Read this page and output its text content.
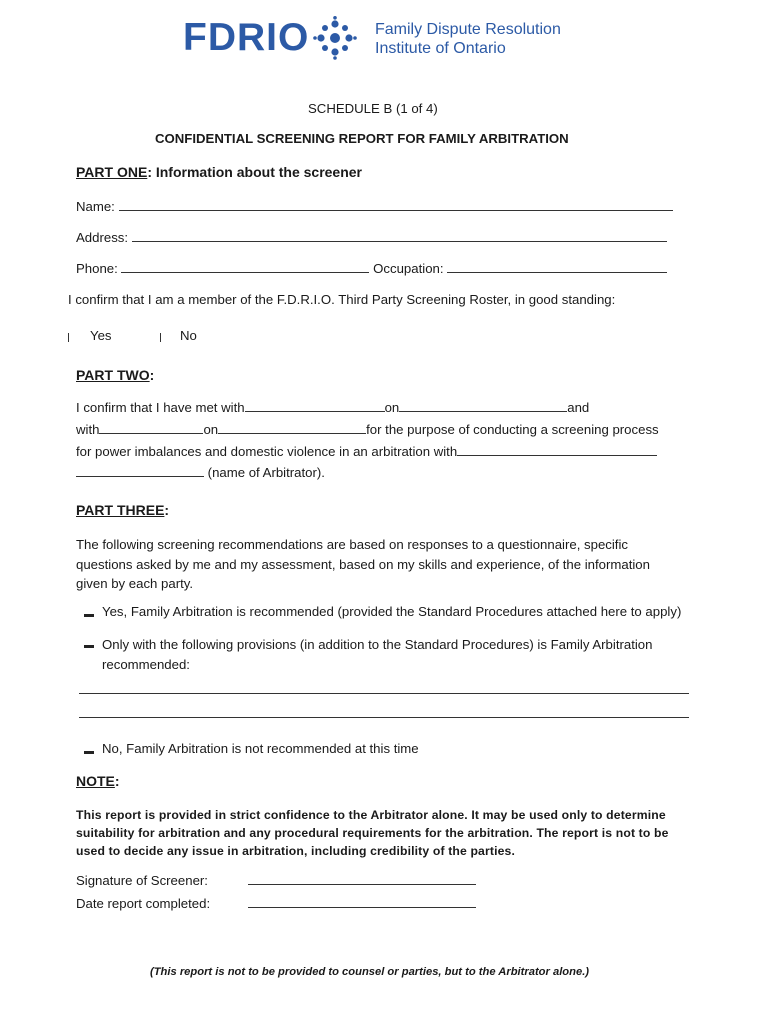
FDRIO	Family Dispute Resolution
Institute of Ontario
SCHEDULE B (1 of 4)
CONFIDENTIAL SCREENING REPORT FOR FAMILY ARBITRATION
PART ONE: Information about the screener
Name:
Address:
Phone:	Occupation:
I confirm that I am a member of the F.D.R.I.O. Third Party Screening Roster, in good standing:
Yes	No
PART TWO:
I confirm that I have met with	on	and
with	on	for the purpose of conducting a screening process
for power imbalances and domestic violence in an arbitration with
(name of Arbitrator).
PART THREE:
The following screening recommendations are based on responses to a questionnaire, specific
questions asked by me and my assessment, based on my skills and experience, of the information
given by each party.
Yes, Family Arbitration is recommended (provided the Standard Procedures attached here to apply)
Only with the following provisions (in addition to the Standard Procedures) is Family Arbitration
recommended:
No, Family Arbitration is not recommended at this time
NOTE:

This report is provided in strict confidence to the Arbitrator alone. It may be used only to determine

suitability for arbitration and any procedural requirements for the arbitration. The report is not to be

used to decide any issue in arbitration, including credibility of the parties.

Signature of Screener:
Date report completed:
(This report is not to be provided to counsel or parties, but to the Arbitrator alone.)
